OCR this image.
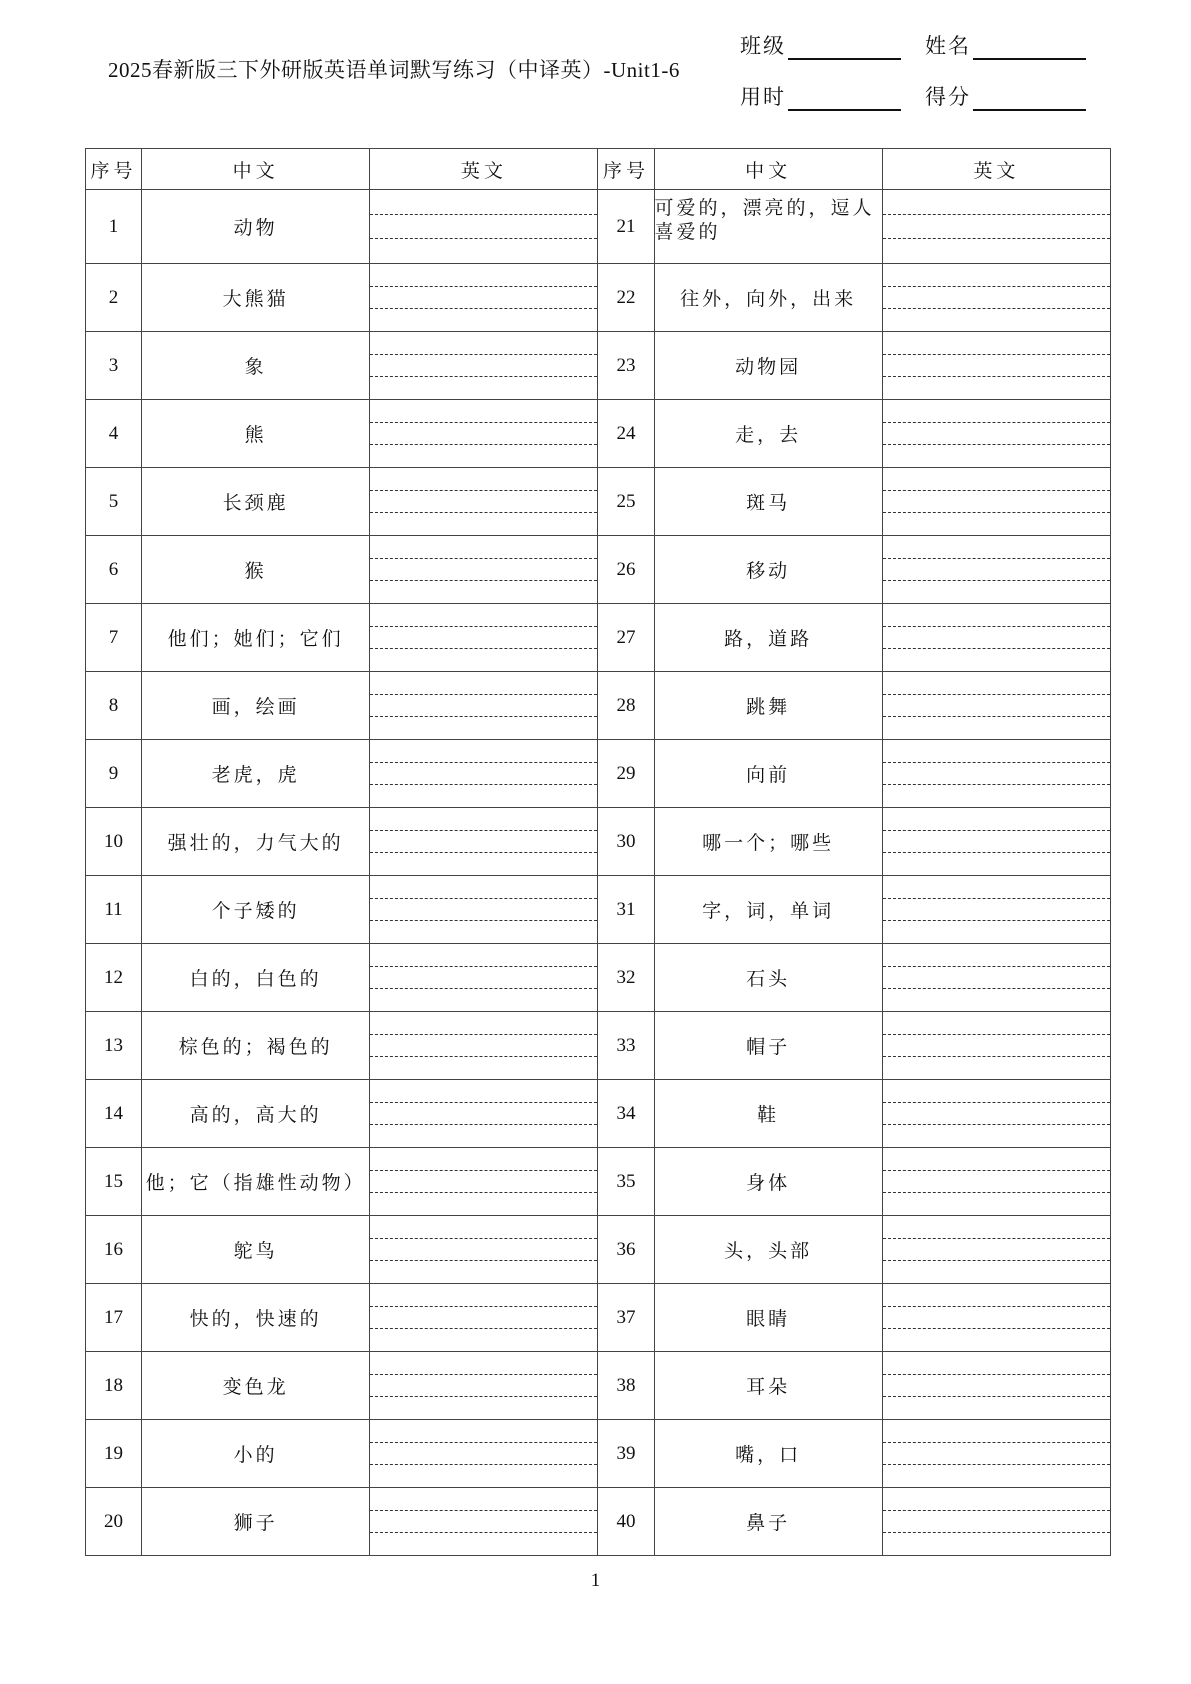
2025春新版三下外研版英语单词默写练习（中译英）-Unit1-6
班级	姓名
用时	得分
序号	中文	英文	序号	中文	英文
1	动物		21	可爱的，漂亮的，逗人喜爱的	

2	大熊猫		22	往外，向外，出来	

3	象		23	动物园	

4	熊		24	走，去	

5	长颈鹿		25	斑马	

6	猴		26	移动	

7	他们；她们；它们		27	路，道路	

8	画，绘画		28	跳舞	

9	老虎，虎		29	向前	

10	强壮的，力气大的		30	哪一个；哪些	

11	个子矮的		31	字，词，单词	

12	白的，白色的		32	石头	

13	棕色的；褐色的		33	帽子	

14	高的，高大的		34	鞋	

15	他；它（指雄性动物）		35	身体	

16	鸵鸟		36	头，头部	

17	快的，快速的		37	眼睛	

18	变色龙		38	耳朵	

19	小的		39	嘴，口	

20	狮子		40	鼻子	
1
